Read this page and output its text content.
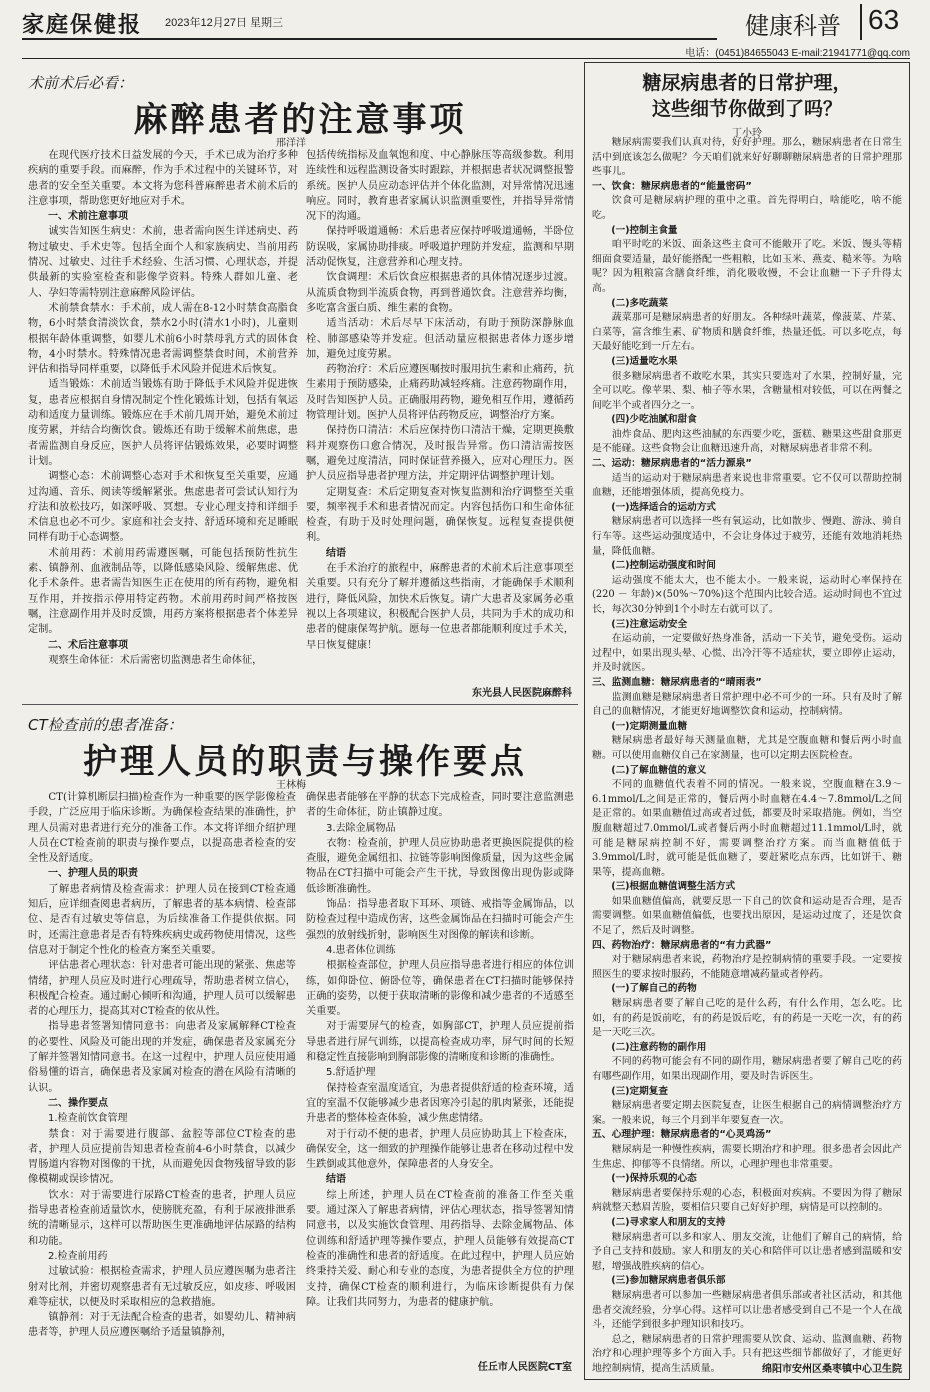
家庭保健报 2023年12月27日 星期三	健康科普 63
电话：(0451)84655043 E-mail:21941771@qq.com
术前术后必看：
麻醉患者的注意事项
邢洋洋

在现代医疗技术日益发展的今天，手术已成为治疗多种疾病的重要手段。而麻醉，作为手术过程中的关键环节，对患者的安全至关重要。本文将为您科普麻醉患者术前术后的注意事项，帮助您更好地应对手术。

一、术前注意事项

诚实告知医生病史：术前，患者需向医生详述病史、药物过敏史、手术史等。包括全面个人和家族病史、当前用药情况、过敏史、过往手术经验、生活习惯、心理状态，并提供最新的实验室检查和影像学资料。特殊人群如儿童、老人、孕妇等需特别注意麻醉风险评估。

术前禁食禁水：手术前，成人需在8-12小时禁食高脂食物，6小时禁食清淡饮食，禁水2小时(清水1小时)，儿童则根据年龄体重调整，如婴儿术前6小时禁母乳方式的固体食物，4小时禁水。特殊情况患者需调整禁食时间，术前营养评估和指导同样重要，以降低手术风险并促进术后恢复。

适当锻炼：术前适当锻炼有助于降低手术风险并促进恢复，患者应根据自身情况制定个性化锻炼计划，包括有氧运动和适度力量训练。锻炼应在手术前几周开始，避免术前过度劳累，并结合均衡饮食。锻炼还有助于缓解术前焦虑，患者需监测自身反应，医护人员将评估锻炼效果，必要时调整计划。

调整心态：术前调整心态对手术和恢复至关重要，应通过沟通、音乐、阅读等缓解紧张。焦虑患者可尝试认知行为疗法和放松技巧，如深呼吸、冥想。专业心理支持和详细手术信息也必不可少。家庭和社会支持、舒适环境和充足睡眠同样有助于心态调整。

术前用药：术前用药需遵医嘱，可能包括预防性抗生素、镇静剂、血液制品等，以降低感染风险、缓解焦虑、优化手术条件。患者需告知医生正在使用的所有药物，避免相互作用，并按指示停用特定药物。术前用药时间严格按医嘱，注意副作用并及时反馈，用药方案将根据患者个体差异定制。

二、术后注意事项

观察生命体征：术后需密切监测患者生命体征，

包括传统指标及血氧饱和度、中心静脉压等高级参数。利用连续性和远程监测设备实时跟踪，并根据患者状况调整报警系统。医护人员应动态评估并个体化监测，对异常情况迅速响应。同时，教育患者家属认识监测重要性，并指导异常情况下的沟通。

保持呼吸道通畅：术后患者应保持呼吸道通畅，半卧位防误吸，家属协助排痰。呼吸道护理防并发症，监测和早期活动促恢复，注意营养和心理支持。

饮食调理：术后饮食应根据患者的具体情况逐步过渡。从流质食物到半流质食物，再到普通饮食。注意营养均衡，多吃富含蛋白质、维生素的食物。

适当活动：术后尽早下床活动，有助于预防深静脉血栓、肺部感染等并发症。但活动量应根据患者体力逐步增加，避免过度劳累。

药物治疗：术后应遵医嘱按时服用抗生素和止痛药，抗生素用于预防感染，止痛药助减轻疼痛。注意药物副作用，及时告知医护人员。正确服用药物，避免相互作用，遵循药物管理计划。医护人员将评估药物反应，调整治疗方案。

保持伤口清洁：术后应保持伤口清洁干燥，定期更换敷料并观察伤口愈合情况，及时报告异常。伤口清洁需按医嘱，避免过度清洁，同时保证营养摄入，应对心理压力。医护人员应指导患者护理方法，并定期评估调整护理计划。

定期复查：术后定期复查对恢复监测和治疗调整至关重要，频率视手术和患者情况而定。内容包括伤口和生命体征检查，有助于及时处理问题，确保恢复。远程复查提供便利。

结语

在手术治疗的旅程中，麻醉患者的术前术后注意事项至关重要。只有充分了解并遵循这些指南，才能确保手术顺利进行，降低风险，加快术后恢复。请广大患者及家属务必重视以上各项建议，积极配合医护人员，共同为手术的成功和患者的健康保驾护航。愿每一位患者都能顺利度过手术关，早日恢复健康！

东光县人民医院麻醉科
CT检查前的患者准备：
护理人员的职责与操作要点
王林梅

CT(计算机断层扫描)检查作为一种重要的医学影像检查手段，广泛应用于临床诊断。为确保检查结果的准确性，护理人员需对患者进行充分的准备工作。本文将详细介绍护理人员在CT检查前的职责与操作要点，以提高患者检查的安全性及舒适度。

一、护理人员的职责

了解患者病情及检查需求：护理人员在接到CT检查通知后，应详细查阅患者病历，了解患者的基本病情、检查部位、是否有过敏史等信息，为后续准备工作提供依据。同时，还需注意患者是否有特殊疾病史或药物使用情况，这些信息对于制定个性化的检查方案至关重要。

评估患者心理状态：针对患者可能出现的紧张、焦虑等情绪，护理人员应及时进行心理疏导，帮助患者树立信心，积极配合检查。通过耐心倾听和沟通，护理人员可以缓解患者的心理压力，提高其对CT检查的依从性。

指导患者签署知情同意书：向患者及家属解释CT检查的必要性、风险及可能出现的并发症，确保患者及家属充分了解并签署知情同意书。在这一过程中，护理人员应使用通俗易懂的语言，确保患者及家属对检查的潜在风险有清晰的认识。

二、操作要点

1.检查前饮食管理

禁食：对于需要进行腹部、盆腔等部位CT检查的患者，护理人员应提前告知患者检查前4-6小时禁食，以减少胃肠道内容物对图像的干扰，从而避免因食物残留导致的影像模糊或误诊情况。

饮水：对于需要进行尿路CT检查的患者，护理人员应指导患者检查前适量饮水，使膀胱充盈，有利于尿液排泄系统的清晰显示，这样可以帮助医生更准确地评估尿路的结构和功能。

2.检查前用药

过敏试验：根据检查需求，护理人员应遵医嘱为患者注射对比剂，并密切观察患者有无过敏反应，如皮疹、呼吸困难等症状，以便及时采取相应的急救措施。

镇静剂：对于无法配合检查的患者，如婴幼儿、精神病患者等，护理人员应遵医嘱给予适量镇静剂，

确保患者能够在平静的状态下完成检查，同时要注意监测患者的生命体征，防止镇静过度。

3.去除金属物品

衣物：检查前，护理人员应协助患者更换医院提供的检查服，避免金属纽扣、拉链等影响图像质量，因为这些金属物品在CT扫描中可能会产生干扰，导致图像出现伪影或降低诊断准确性。

饰品：指导患者取下耳环、项链、戒指等金属饰品，以防检查过程中造成伤害，这些金属饰品在扫描时可能会产生强烈的放射线折射，影响医生对图像的解读和诊断。

4.患者体位训练

根据检查部位，护理人员应指导患者进行相应的体位训练，如仰卧位、俯卧位等，确保患者在CT扫描时能够保持正确的姿势，以便于获取清晰的影像和减少患者的不适感至关重要。

对于需要屏气的检查，如胸部CT，护理人员应提前指导患者进行屏气训练，以提高检查成功率，屏气时间的长短和稳定性直接影响到胸部影像的清晰度和诊断的准确性。

5.舒适护理

保持检查室温度适宜，为患者提供舒适的检查环境，适宜的室温不仅能够减少患者因寒冷引起的肌肉紧张，还能提升患者的整体检查体验，减少焦虑情绪。

对于行动不便的患者，护理人员应协助其上下检查床，确保安全，这一细致的护理操作能够让患者在移动过程中发生跌倒或其他意外，保障患者的人身安全。

结语

综上所述，护理人员在CT检查前的准备工作至关重要。通过深入了解患者病情，评估心理状态，指导签署知情同意书，以及实施饮食管理、用药指导、去除金属物品、体位训练和舒适护理等操作要点，护理人员能够有效提高CT检查的准确性和患者的舒适度。在此过程中，护理人员应始终秉持关爱、耐心和专业的态度，为患者提供全方位的护理支持，确保CT检查的顺利进行，为临床诊断提供有力保障。让我们共同努力，为患者的健康护航。

任丘市人民医院CT室
糖尿病患者的日常护理，
这些细节你做到了吗？
丁小玲

糖尿病需要我们认真对待，好好护理。那么，糖尿病患者在日常生活中到底该怎么做呢？今天咱们就来好好聊聊糖尿病患者的日常护理那些事儿。

一、饮食：糖尿病患者的“能量密码”

饮食可是糖尿病护理的重中之重。首先得明白，啥能吃，啥不能吃。

(一)控制主食量

咱平时吃的米饭、面条这些主食可不能敞开了吃。米饭、馒头等精细面食要适量，最好能搭配一些粗粮，比如玉米、燕麦、糙米等。为啥呢？因为粗粮富含膳食纤维，消化吸收慢，不会让血糖一下子升得太高。

(二)多吃蔬菜

蔬菜那可是糖尿病患者的好朋友。各种绿叶蔬菜，像菠菜、芹菜、白菜等，富含维生素、矿物质和膳食纤维，热量还低。可以多吃点，每天最好能吃到一斤左右。

(三)适量吃水果

很多糖尿病患者不敢吃水果，其实只要选对了水果，控制好量，完全可以吃。像苹果、梨、柚子等水果，含糖量相对较低，可以在两餐之间吃半个或者四分之一。

(四)少吃油腻和甜食

油炸食品、肥肉这些油腻的东西要少吃，蛋糕、糖果这些甜食那更是不能碰。这些食物会让血糖迅速升高，对糖尿病患者非常不利。

二、运动：糖尿病患者的“活力源泉”

适当的运动对于糖尿病患者来说也非常重要。它不仅可以帮助控制血糖，还能增强体质，提高免疫力。

(一)选择适合的运动方式

糖尿病患者可以选择一些有氧运动，比如散步、慢跑、游泳、骑自行车等。这些运动强度适中，不会让身体过于疲劳，还能有效地消耗热量，降低血糖。

(二)控制运动强度和时间

运动强度不能太大，也不能太小。一般来说，运动时心率保持在(220 － 年龄)×(50%～70%)这个范围内比较合适。运动时间也不宜过长，每次30分钟到1个小时左右就可以了。

(三)注意运动安全

在运动前，一定要做好热身准备，活动一下关节，避免受伤。运动过程中，如果出现头晕、心慌、出冷汗等不适症状，要立即停止运动，并及时就医。

三、监测血糖：糖尿病患者的“晴雨表”

监测血糖是糖尿病患者日常护理中必不可少的一环。只有及时了解自己的血糖情况，才能更好地调整饮食和运动，控制病情。

(一)定期测量血糖

糖尿病患者最好每天测量血糖，尤其是空腹血糖和餐后两小时血糖。可以使用血糖仪自己在家测量，也可以定期去医院检查。

(二)了解血糖值的意义

不同的血糖值代表着不同的情况。一般来说，空腹血糖在3.9～6.1mmol/L之间是正常的，餐后两小时血糖在4.4～7.8mmol/L之间是正常的。如果血糖值过高或者过低，都要及时采取措施。例如，当空腹血糖超过7.0mmol/L或者餐后两小时血糖超过11.1mmol/L时，就可能是糖尿病控制不好，需要调整治疗方案。而当血糖值低于3.9mmol/L时，就可能是低血糖了，要赶紧吃点东西，比如饼干、糖果等，提高血糖。

(三)根据血糖值调整生活方式

如果血糖值偏高，就要反思一下自己的饮食和运动是否合理，是否需要调整。如果血糖值偏低，也要找出原因，是运动过度了，还是饮食不足了，然后及时调整。

四、药物治疗：糖尿病患者的“有力武器”

对于糖尿病患者来说，药物治疗是控制病情的重要手段。一定要按照医生的要求按时服药，不能随意增减药量或者停药。

(一)了解自己的药物

糖尿病患者要了解自己吃的是什么药，有什么作用，怎么吃。比如，有的药是饭前吃，有的药是饭后吃，有的药是一天吃一次，有的药是一天吃三次。

(二)注意药物的副作用

不同的药物可能会有不同的副作用，糖尿病患者要了解自己吃的药有哪些副作用，如果出现副作用，要及时告诉医生。

(三)定期复查

糖尿病患者要定期去医院复查，让医生根据自己的病情调整治疗方案。一般来说，每三个月到半年要复查一次。

五、心理护理：糖尿病患者的“心灵鸡汤”

糖尿病是一种慢性疾病，需要长期治疗和护理。很多患者会因此产生焦虑、抑郁等不良情绪。所以，心理护理也非常重要。

(一)保持乐观的心态

糖尿病患者要保持乐观的心态，积极面对疾病。不要因为得了糖尿病就整天愁眉苦脸，要相信只要自己好好护理，病情是可以控制的。

(二)寻求家人和朋友的支持

糖尿病患者可以多和家人、朋友交流，让他们了解自己的病情，给予自己支持和鼓励。家人和朋友的关心和陪伴可以让患者感到温暖和安慰，增强战胜疾病的信心。

(三)参加糖尿病患者俱乐部

糖尿病患者可以参加一些糖尿病患者俱乐部或者社区活动，和其他患者交流经验，分享心得。这样可以让患者感受到自己不是一个人在战斗，还能学到很多护理知识和技巧。

总之，糖尿病患者的日常护理需要从饮食、运动、监测血糖、药物治疗和心理护理等多个方面入手。只有把这些细节都做好了，才能更好地控制病情，提高生活质量。	绵阳市安州区桑枣镇中心卫生院
